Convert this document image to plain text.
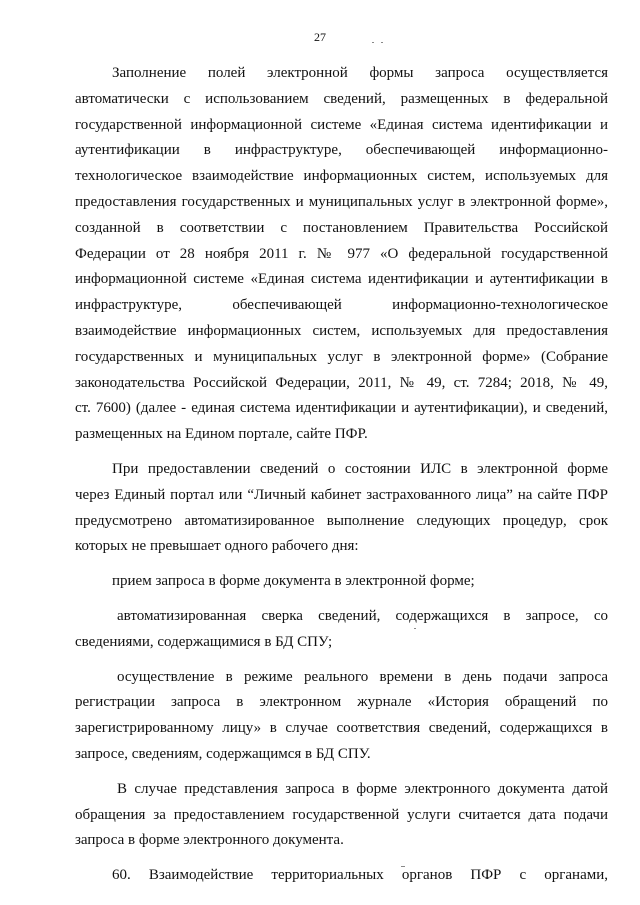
27
Заполнение полей электронной формы запроса осуществляется
автоматически с использованием сведений, размещенных в федеральной
государственной информационной системе «Единая система идентификации и
аутентификации в инфраструктуре, обеспечивающей информационно-
технологическое взаимодействие информационных систем, используемых для
предоставления государственных и муниципальных услуг в электронной форме»,
созданной в соответствии с постановлением Правительства Российской
Федерации от 28 ноября 2011 г. № 977 «О федеральной государственной
информационной системе «Единая система идентификации и аутентификации в
инфраструктуре, обеспечивающей информационно-технологическое
взаимодействие информационных систем, используемых для предоставления
государственных и муниципальных услуг в электронной форме» (Собрание
законодательства Российской Федерации, 2011, № 49, ст. 7284; 2018, № 49,
ст. 7600) (далее - единая система идентификации и аутентификации), и сведений,
размещенных на Едином портале, сайте ПФР.
При предоставлении сведений о состоянии ИЛС в электронной форме
через Единый портал или “Личный кабинет застрахованного лица” на сайте ПФР
предусмотрено автоматизированное выполнение следующих процедур, срок
которых не превышает одного рабочего дня:
прием запроса в форме документа в электронной форме;
автоматизированная сверка сведений, содержащихся в запросе, со
сведениями, содержащимися в БД СПУ;
осуществление в режиме реального времени в день подачи запроса
регистрации запроса в электронном журнале «История обращений по
зарегистрированному лицу» в случае соответствия сведений, содержащихся в
запросе, сведениям, содержащимся в БД СПУ.
В случае представления запроса в форме электронного документа датой
обращения за предоставлением государственной услуги считается дата подачи
запроса в форме электронного документа.
60. Взаимодействие территориальных органов ПФР с органами,
